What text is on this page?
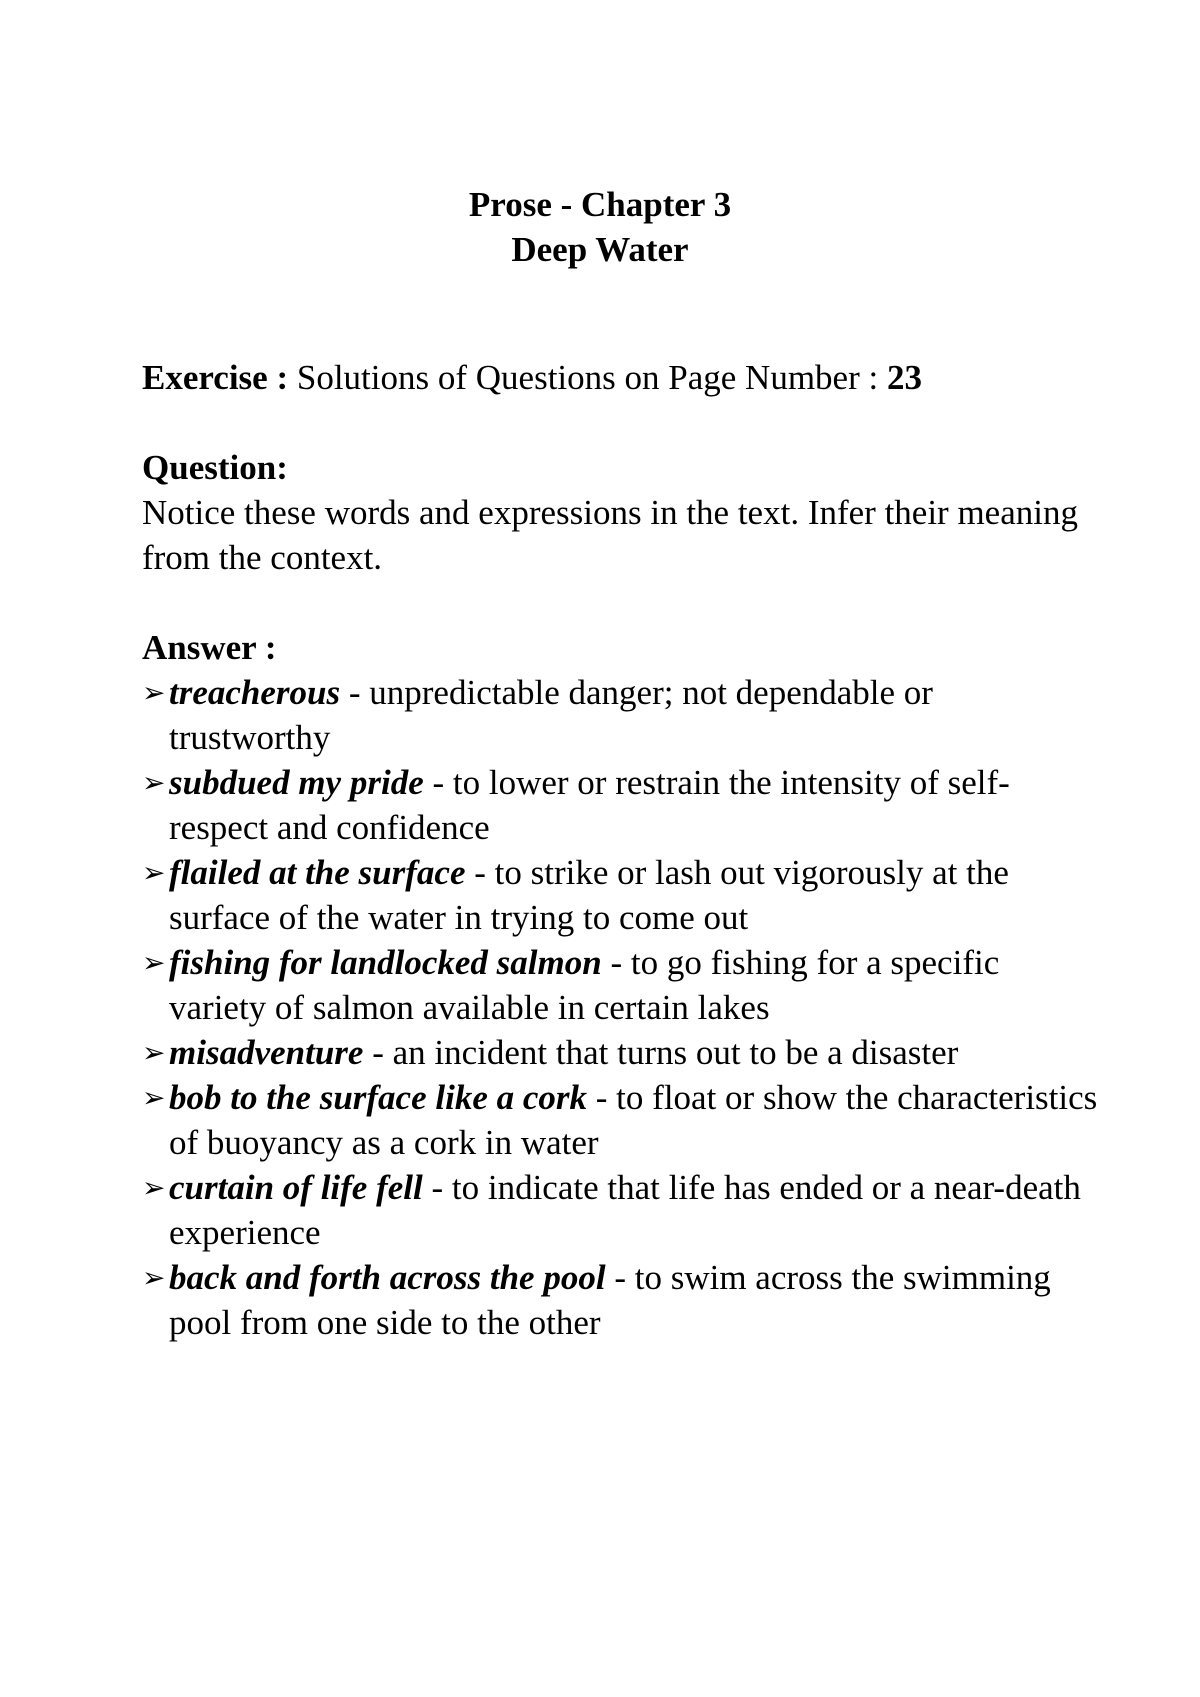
Prose - Chapter 3
Deep Water

Exercise : Solutions of Questions on Page Number : 23

Question:

Notice these words and expressions in the text. Infer their meaning from the context.

Answer :

➢ treacherous - unpredictable danger; not dependable or trustworthy
➢ subdued my pride - to lower or restrain the intensity of self-respect and confidence
➢ flailed at the surface - to strike or lash out vigorously at the surface of the water in trying to come out
➢ fishing for landlocked salmon - to go fishing for a specific variety of salmon available in certain lakes
➢ misadventure - an incident that turns out to be a disaster
➢ bob to the surface like a cork - to float or show the characteristics of buoyancy as a cork in water
➢ curtain of life fell - to indicate that life has ended or a near-death experience
➢ back and forth across the pool - to swim across the swimming pool from one side to the other
